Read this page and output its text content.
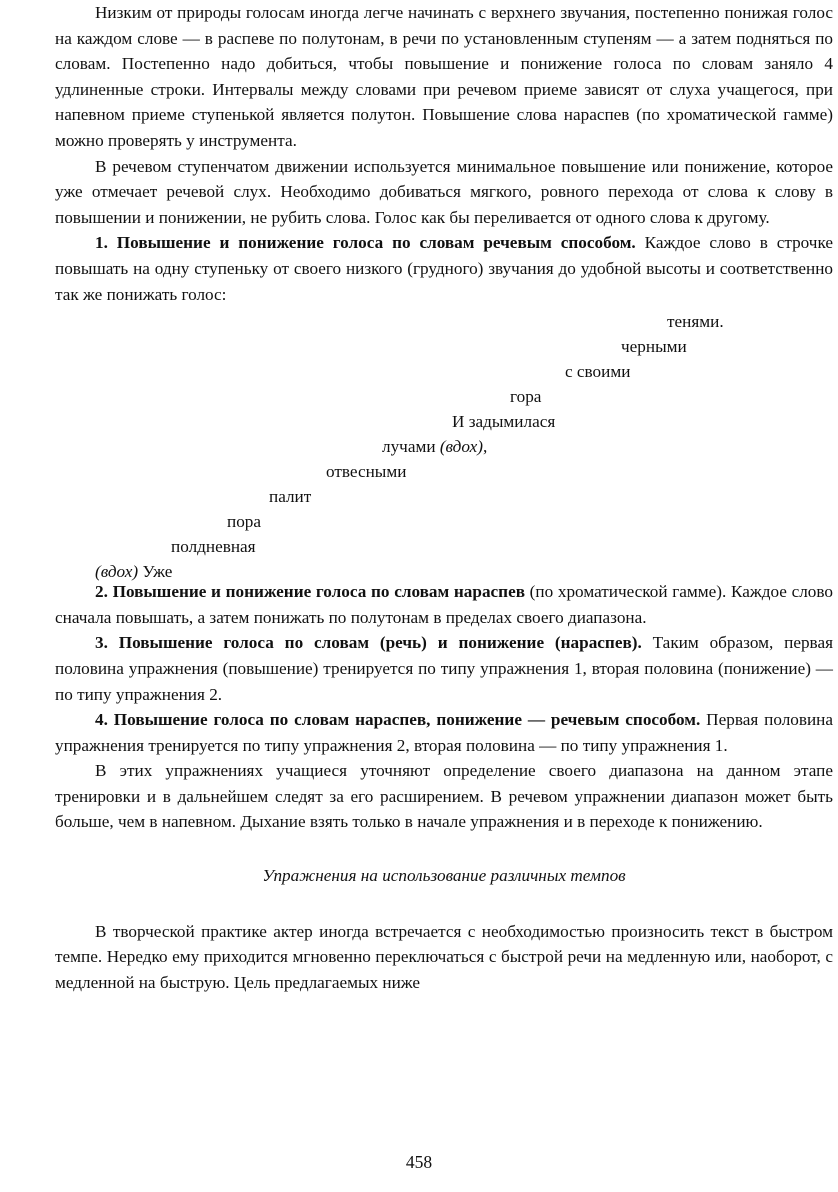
Низким от природы голосам иногда легче начинать с верхнего звучания, постепенно понижая голос на каждом слове — в распеве по полутонам, в речи по установленным ступеням — а затем подняться по словам. Постепенно надо добиться, чтобы повышение и понижение голоса по словам заняло 4 удлиненные строки. Интервалы между словами при речевом приеме зависят от слуха учащегося, при напевном приеме ступенькой является полутон. Повышение слова нараспев (по хроматической гамме) можно проверять у инструмента.

В речевом ступенчатом движении используется минимальное повышение или понижение, которое уже отмечает речевой слух. Необходимо добиваться мягкого, ровного перехода от слова к слову в повышении и понижении, не рубить слова. Голос как бы переливается от одного слова к другому.

1. Повышение и понижение голоса по словам речевым способом. Каждое слово в строчке повышать на одну ступеньку от своего низкого (грудного) звучания до удобной высоты и соответственно так же понижать голос:

тенями.
черными
с своими
гора
И задымилася
лучами (вдох),
отвесными
палит
пора
полдневная
(вдох) Уже

2. Повышение и понижение голоса по словам нараспев (по хроматической гамме). Каждое слово сначала повышать, а затем понижать по полутонам в пределах своего диапазона.

3. Повышение голоса по словам (речь) и понижение (нараспев). Таким образом, первая половина упражнения (повышение) тренируется по типу упражнения 1, вторая половина (понижение) — по типу упражнения 2.

4. Повышение голоса по словам нараспев, понижение — речевым способом. Первая половина упражнения тренируется по типу упражнения 2, вторая половина — по типу упражнения 1.

В этих упражнениях учащиеся уточняют определение своего диапазона на данном этапе тренировки и в дальнейшем следят за его расширением. В речевом упражнении диапазон может быть больше, чем в напевном. Дыхание взять только в начале упражнения и в переходе к понижению.

Упражнения на использование различных темпов

В творческой практике актер иногда встречается с необходимостью произносить текст в быстром темпе. Нередко ему приходится мгновенно переключаться с быстрой речи на медленную или, наоборот, с медленной на быструю. Цель предлагаемых ниже

458
